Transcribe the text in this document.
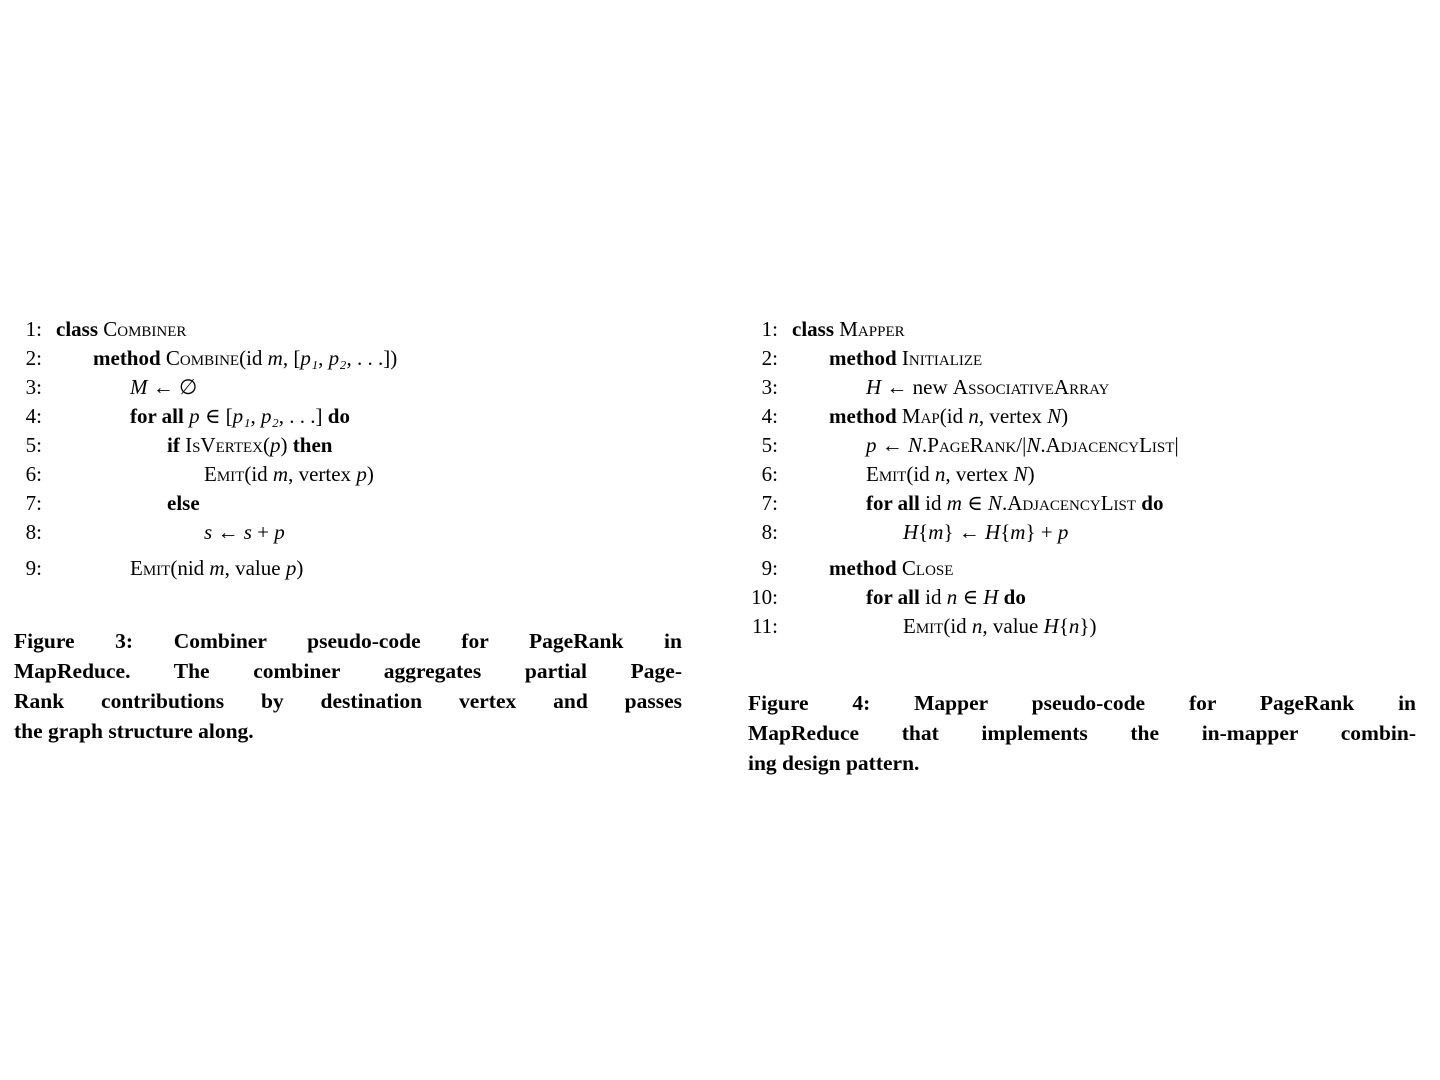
1: class Combiner
2:	method Combine(id m, [p₁, p₂, . . .])
3:	M ← ∅
4:	for all p ∈ [p₁, p₂, . . .] do
5:	if IsVertex(p) then
6:	Emit(id m, vertex p)
7:	else
8:	s ← s + p
9:	Emit(nid m, value p)
1: class Mapper
2:	method Initialize
3:	H ← new AssociativeArray
4:	method Map(id n, vertex N)
5:	p ← N.PageRank/|N.AdjacencyList|
6:	Emit(id n, vertex N)
7:	for all id m ∈ N.AdjacencyList do
8:	H{m} ← H{m} + p
9:	method Close
10:	for all id n ∈ H do
11:	Emit(id n, value H{n})
Figure 3: Combiner pseudo-code for PageRank in
MapReduce. The combiner aggregates partial Page-
Rank contributions by destination vertex and passes
the graph structure along.
Figure 4: Mapper pseudo-code for PageRank in
MapReduce that implements the in-mapper combin-
ing design pattern.
